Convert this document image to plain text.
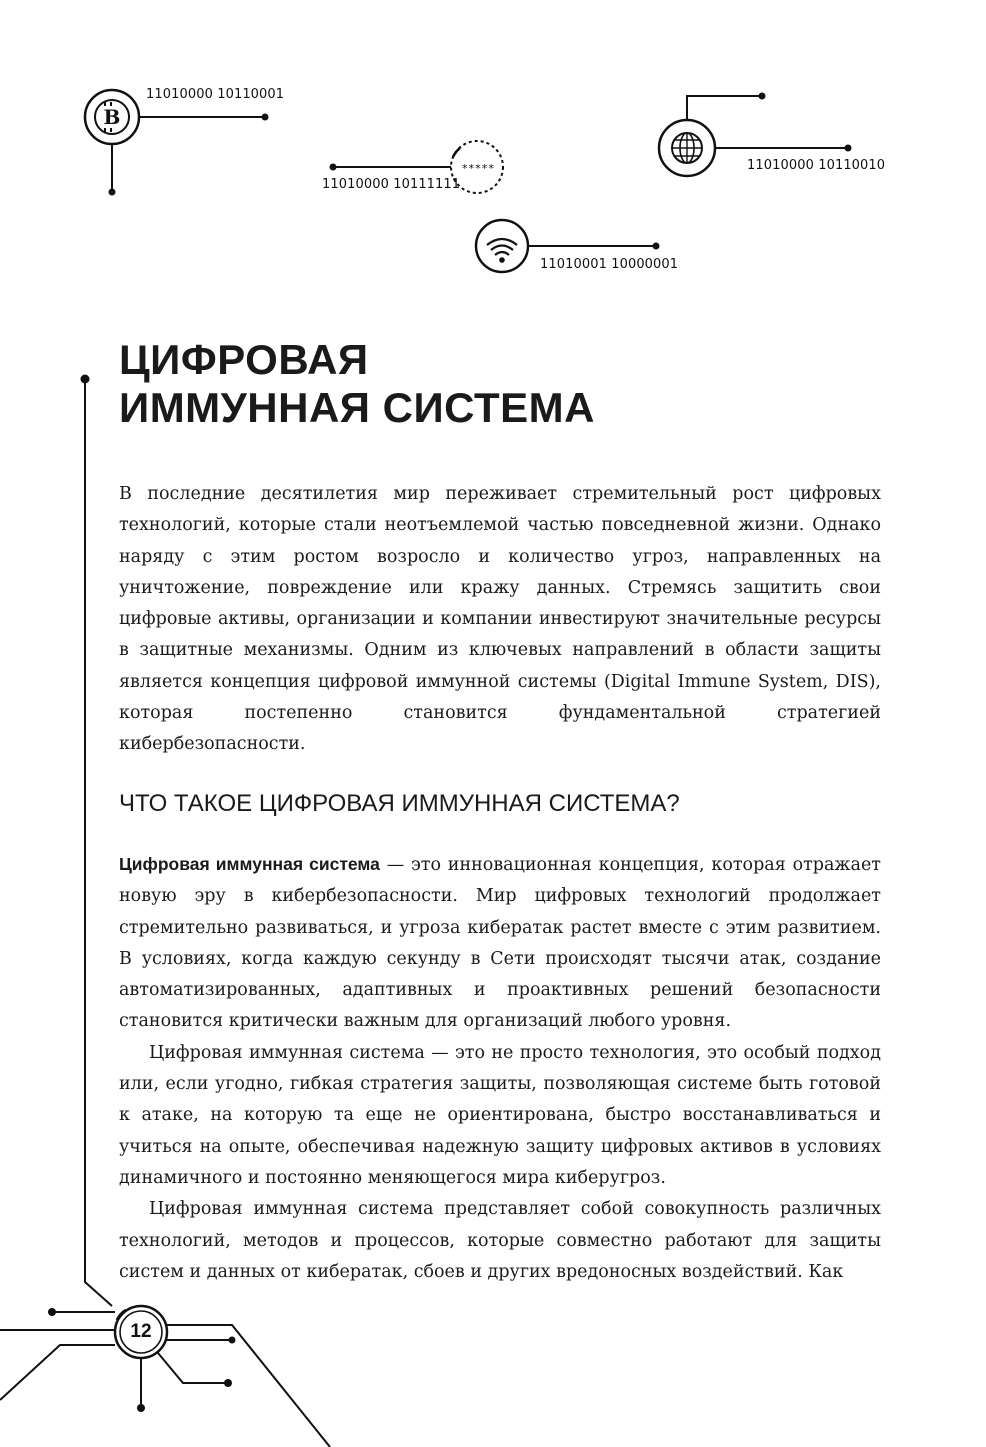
B
*****
11010000 10110001
11010000 10111111
11010000 10110010
11010001 10000001
ЦИФРОВАЯ
ИММУННАЯ СИСТЕМА

В последние десятилетия мир переживает стремительный рост цифровых технологий, которые стали неотъемлемой частью повседневной жизни. Однако наряду с этим ростом возросло и количество угроз, направленных на уничтожение, повреждение или кражу данных. Стремясь защитить свои цифровые активы, организации и компании инвестируют значительные ресурсы в защитные механизмы. Одним из ключевых направлений в области защиты является концепция цифровой иммунной системы (Digital Immune System, DIS), которая постепенно становится фундаментальной стратегией кибербезопасности.

ЧТО ТАКОЕ ЦИФРОВАЯ ИММУННАЯ СИСТЕМА?

Цифровая иммунная система — это инновационная концепция, которая отражает новую эру в кибербезопасности. Мир цифровых технологий продолжает стремительно развиваться, и угроза кибератак растет вместе с этим развитием. В условиях, когда каждую секунду в Сети происходят тысячи атак, создание автоматизированных, адаптивных и проактивных решений безопасности становится критически важным для организаций любого уровня.

Цифровая иммунная система — это не просто технология, это особый подход или, если угодно, гибкая стратегия защиты, позволяющая системе быть готовой к атаке, на которую та еще не ориентирована, быстро восстанавливаться и учиться на опыте, обеспечивая надежную защиту цифровых активов в условиях динамичного и постоянно меняющегося мира киберугроз.

Цифровая иммунная система представляет собой совокупность различных технологий, методов и процессов, которые совместно работают для защиты систем и данных от кибератак, сбоев и других вредоносных воздействий. Как

12
